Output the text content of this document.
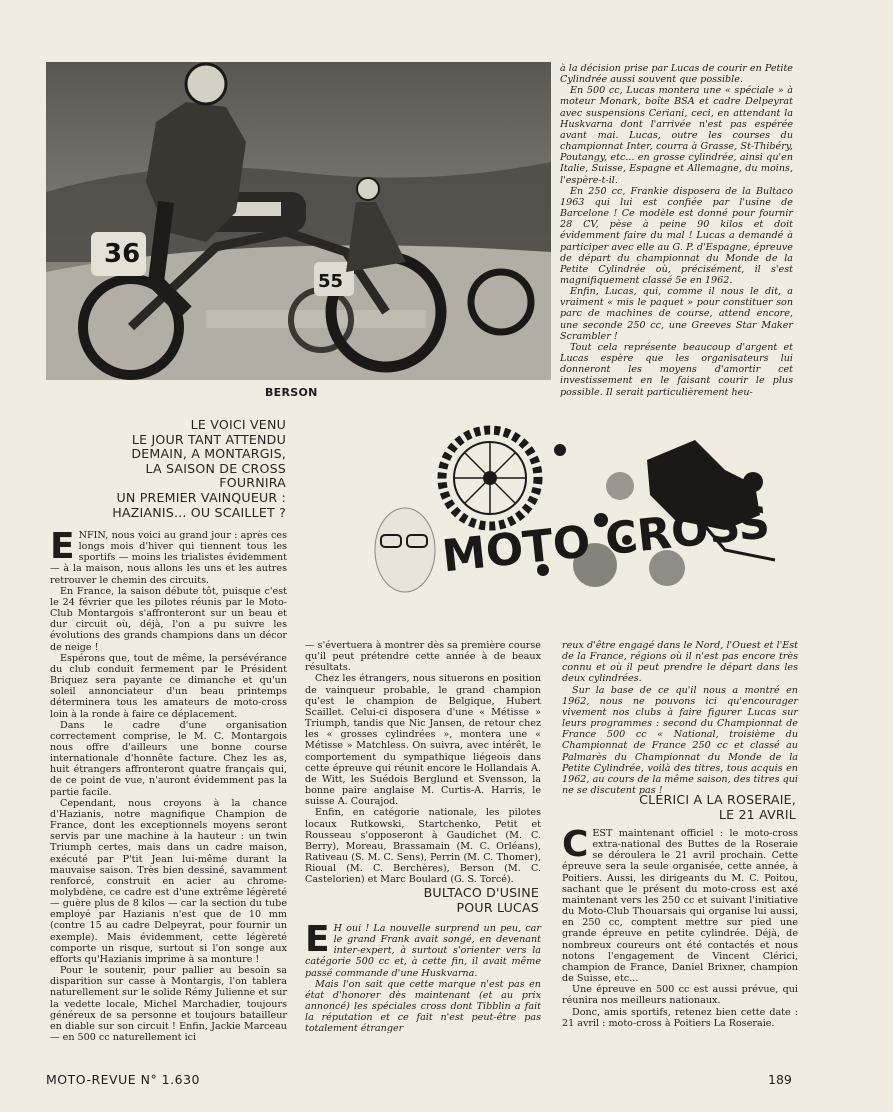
36
55
BERSON

à la décision prise par Lucas de courir en Petite Cylindrée aussi souvent que possible.

En 500 cc, Lucas montera une « spéciale » à moteur Monark, boîte BSA et cadre Delpeyrat avec suspensions Ceriani, ceci, en attendant la Huskvarna dont l'arrivée n'est pas espérée avant mai. Lucas, outre les courses du championnat Inter, courra à Grasse, St-Thibéry, Poutangy, etc... en grosse cylindrée, ainsi qu'en Italie, Suisse, Espagne et Allemagne, du moins, l'espère-t-il.

En 250 cc, Frankie disposera de la Bultaco 1963 qui lui est confiée par l'usine de Barcelone ! Ce modèle est donné pour fournir 28 CV, pèse à peine 90 kilos et doit évidemment faire du mal ! Lucas a demandé à participer avec elle au G. P. d'Espagne, épreuve de départ du championnat du Monde de la Petite Cylindrée où, précisément, il s'est magnifiquement classé 5e en 1962.

Enfin, Lucas, qui, comme il nous le dit, a vraiment « mis le paquet » pour constituer son parc de machines de course, attend encore, une seconde 250 cc, une Greeves Star Maker Scrambler !

Tout cela représente beaucoup d'argent et Lucas espère que les organisateurs lui donneront les moyens d'amortir cet investissement en le faisant courir le plus possible. Il serait particulièrement heu-

LE VOICI VENU
LE JOUR TANT ATTENDU
DEMAIN, A MONTARGIS,
LA SAISON DE CROSS
FOURNIRA
UN PREMIER VAINQUEUR :
HAZIANIS... OU SCAILLET ?	MOTO CROSS

ENFIN, nous voici au grand jour : après ces longs mois d'hiver qui tiennent tous les sportifs — moins les trialistes évidemment — à la maison, nous allons les uns et les autres retrouver le chemin des circuits.

En France, la saison débute tôt, puisque c'est le 24 février que les pilotes réunis par le Moto-Club Montargois s'affronteront sur un beau et dur circuit où, déjà, l'on a pu suivre les évolutions des grands champions dans un décor de neige !

Espérons que, tout de même, la persévérance du club conduit fermement par le Président Briquez sera payante ce dimanche et qu'un soleil annonciateur d'un beau printemps déterminera tous les amateurs de moto-cross loin à la ronde à faire ce déplacement.

Dans le cadre d'une organisation correctement comprise, le M. C. Montargois nous offre d'ailleurs une bonne course internationale d'honnête facture. Chez les as, huit étrangers affronteront quatre français qui, de ce point de vue, n'auront évidemment pas la partie facile.

Cependant, nous croyons à la chance d'Hazianis, notre magnifique Champion de France, dont les exceptionnels moyens seront servis par une machine à la hauteur : un twin Triumph certes, mais dans un cadre maison, exécuté par P'tit Jean lui-même durant la mauvaise saison. Très bien dessiné, savamment renforcé, construit en acier au chrome-molybdène, ce cadre est d'une extrême légèreté — guère plus de 8 kilos — car la section du tube employé par Hazianis n'est que de 10 mm (contre 15 au cadre Delpeyrat, pour fournir un exemple). Mais évidemment, cette légèreté comporte un risque, surtout si l'on songe aux efforts qu'Hazianis imprime à sa monture !

Pour le soutenir, pour pallier au besoin sa disparition sur casse à Montargis, l'on tablera naturellement sur le solide Rémy Julienne et sur la vedette locale, Michel Marchadier, toujours généreux de sa personne et toujours batailleur en diable sur son circuit ! Enfin, Jackie Marceau — en 500 cc naturellement ici

— s'évertuera à montrer dès sa première course qu'il peut prétendre cette année à de beaux résultats.

Chez les étrangers, nous situerons en position de vainqueur probable, le grand champion qu'est le champion de Belgique, Hubert Scaillet. Celui-ci disposera d'une « Métisse » Triumph, tandis que Nic Jansen, de retour chez les « grosses cylindrées », montera une « Métisse » Matchless. On suivra, avec intérêt, le comportement du sympathique liégeois dans cette épreuve qui réunit encore le Hollandais A. de Witt, les Suédois Berglund et Svensson, la bonne paire anglaise M. Curtis-A. Harris, le suisse A. Courajod.

Enfin, en catégorie nationale, les pilotes locaux Rutkowski, Startchenko, Petit et Rousseau s'opposeront à Gaudichet (M. C. Berry), Moreau, Brassamain (M. C. Orléans), Rativeau (S. M. C. Sens), Perrin (M. C. Thomer), Rioual (M. C. Berchères), Berson (M. C. Castelorien) et Marc Boulard (G. S. Torcé).

BULTACO D'USINE
POUR LUCAS

E H oui ! La nouvelle surprend un peu, car le grand Frank avait songé, en devenant inter-expert, à surtout s'orienter vers la catégorie 500 cc et, à cette fin, il avait même passé commande d'une Huskvarna.

Mais l'on sait que cette marque n'est pas en état d'honorer dès maintenant (et au prix annoncé) les spéciales cross dont Tibblin a fait la réputation et ce fait n'est peut-être pas totalement étranger

reux d'être engagé dans le Nord, l'Ouest et l'Est de la France, régions où il n'est pas encore très connu et où il peut prendre le départ dans les deux cylindrées.

Sur la base de ce qu'il nous a montré en 1962, nous ne pouvons ici qu'encourager vivement nos clubs à faire figurer Lucas sur leurs programmes : second du Championnat de France 500 cc « National, troisième du Championnat de France 250 cc et classé au Palmarès du Championnat du Monde de la Petite Cylindrée, voilà des titres, tous acquis en 1962, au cours de la même saison, des titres qui ne se discutent pas !

CLERICI A LA ROSERAIE,
LE 21 AVRIL

CEST maintenant officiel : le moto-cross extra-national des Buttes de la Roseraie se déroulera le 21 avril prochain. Cette épreuve sera la seule organisée, cette année, à Poitiers. Aussi, les dirigeants du M. C. Poitou, sachant que le présent du moto-cross est axé maintenant vers les 250 cc et suivant l'initiative du Moto-Club Thouarsais qui organise lui aussi, en 250 cc, comptent mettre sur pied une grande épreuve en petite cylindrée. Déjà, de nombreux coureurs ont été contactés et nous notons l'engagement de Vincent Clérici, champion de France, Daniel Brixner, champion de Suisse, etc...

Une épreuve en 500 cc est aussi prévue, qui réunira nos meilleurs nationaux.

Donc, amis sportifs, retenez bien cette date : 21 avril : moto-cross à Poitiers La Roseraie.

MOTO-REVUE N° 1.630	189
